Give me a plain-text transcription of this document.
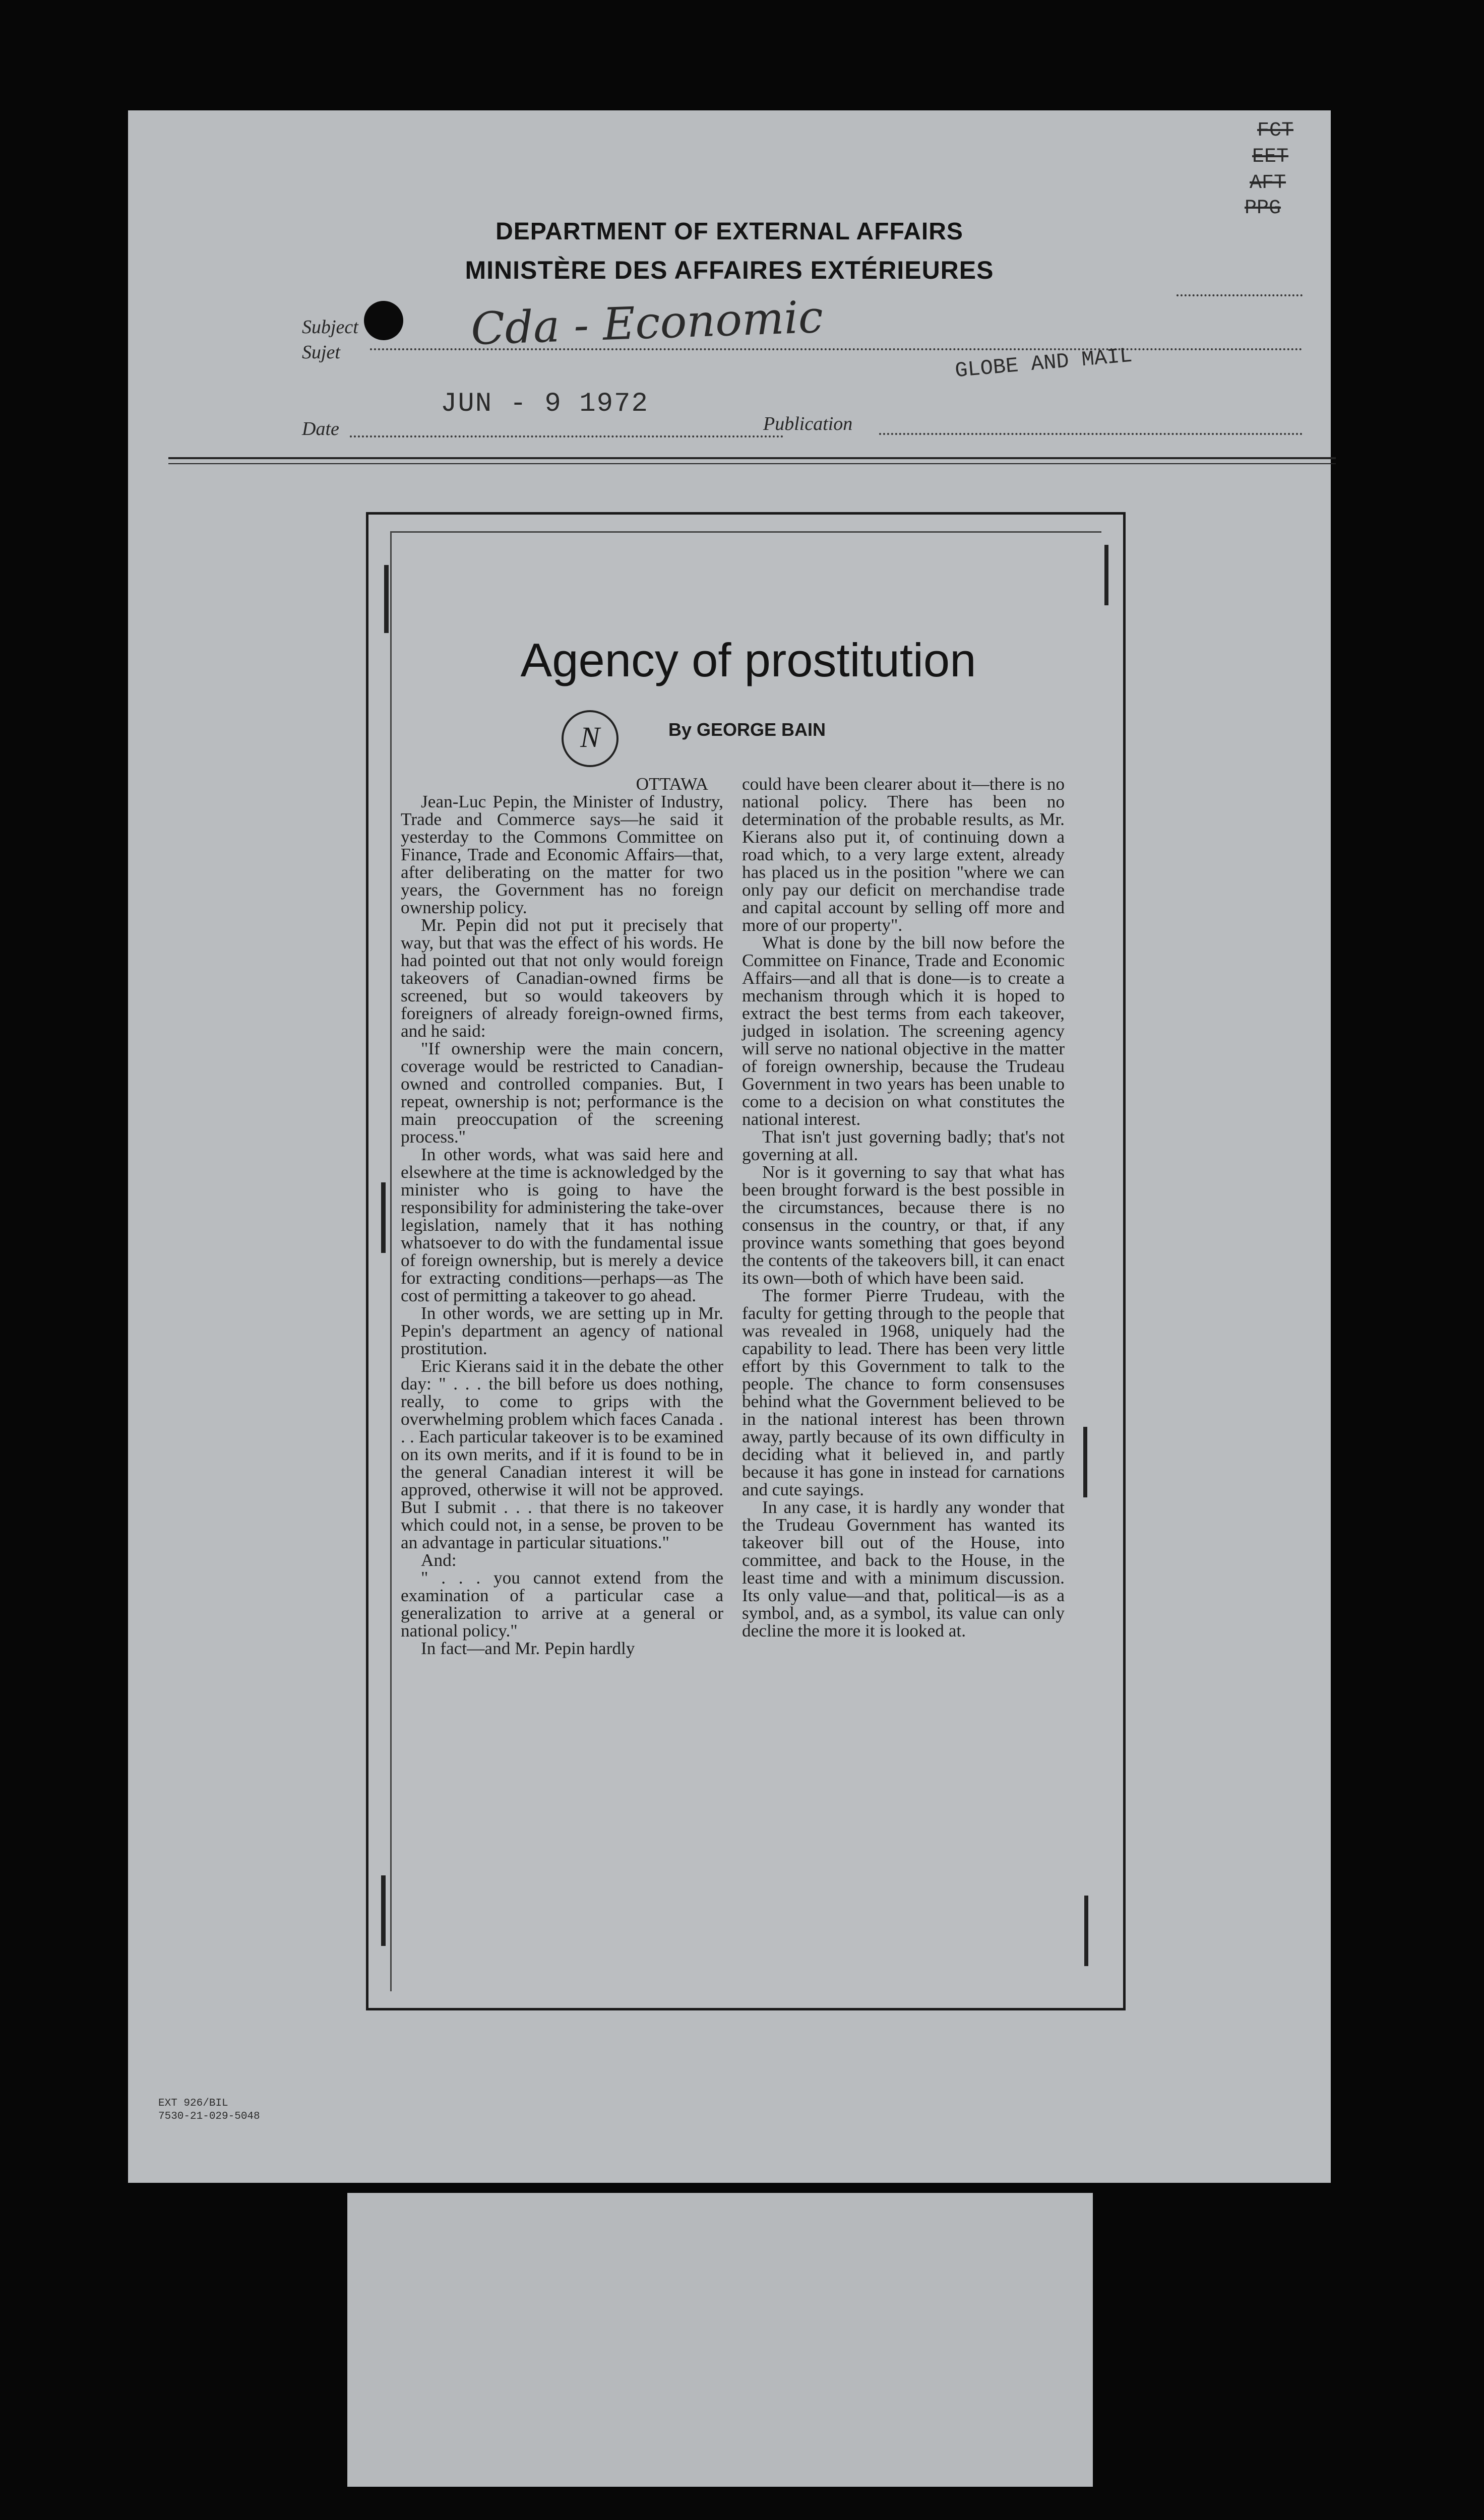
FCT
EET
AFT
PPG
DEPARTMENT OF EXTERNAL AFFAIRS
MINISTÈRE DES AFFAIRES EXTÉRIEURES
Subject
Sujet	Cda - Economic
Date
JUN - 9 1972
Publication
GLOBE AND MAIL
EXT 926/BIL
7530-21-029-5048
Agency of prostitution
N	By GEORGE BAIN

OTTAWA

Jean-Luc Pepin, the Minister of Industry, Trade and Commerce says—he said it yesterday to the Commons Committee on Finance, Trade and Economic Affairs—that, after deliberating on the matter for two years, the Government has no foreign ownership policy.

Mr. Pepin did not put it precisely that way, but that was the effect of his words. He had pointed out that not only would foreign takeovers of Canadian-owned firms be screened, but so would takeovers by foreigners of already foreign-owned firms, and he said:

"If ownership were the main concern, coverage would be restricted to Canadian-owned and controlled companies. But, I repeat, ownership is not; performance is the main preoccupation of the screening process."

In other words, what was said here and elsewhere at the time is acknowledged by the minister who is going to have the responsibility for administering the take-over legislation, namely that it has nothing whatsoever to do with the fundamental issue of foreign ownership, but is merely a device for extracting conditions—perhaps—as The cost of permitting a takeover to go ahead.

In other words, we are setting up in Mr. Pepin's department an agency of national prostitution.

Eric Kierans said it in the debate the other day: " . . . the bill before us does nothing, really, to come to grips with the overwhelming problem which faces Canada . . . Each particular takeover is to be examined on its own merits, and if it is found to be in the general Canadian interest it will be approved, otherwise it will not be approved. But I submit . . . that there is no takeover which could not, in a sense, be proven to be an advantage in particular situations."

And:

" . . . you cannot extend from the examination of a particular case a generalization to arrive at a general or national policy."

In fact—and Mr. Pepin hardly

could have been clearer about it—there is no national policy. There has been no determination of the probable results, as Mr. Kierans also put it, of continuing down a road which, to a very large extent, already has placed us in the position "where we can only pay our deficit on merchandise trade and capital account by selling off more and more of our property".

What is done by the bill now before the Committee on Finance, Trade and Economic Affairs—and all that is done—is to create a mechanism through which it is hoped to extract the best terms from each takeover, judged in isolation. The screening agency will serve no national objective in the matter of foreign ownership, because the Trudeau Government in two years has been unable to come to a decision on what constitutes the national interest.

That isn't just governing badly; that's not governing at all.

Nor is it governing to say that what has been brought forward is the best possible in the circumstances, because there is no consensus in the country, or that, if any province wants something that goes beyond the contents of the takeovers bill, it can enact its own—both of which have been said.

The former Pierre Trudeau, with the faculty for getting through to the people that was revealed in 1968, uniquely had the capability to lead. There has been very little effort by this Government to talk to the people. The chance to form consensuses behind what the Government believed to be in the national interest has been thrown away, partly because of its own difficulty in deciding what it believed in, and partly because it has gone in instead for carnations and cute sayings.

In any case, it is hardly any wonder that the Trudeau Government has wanted its takeover bill out of the House, into committee, and back to the House, in the least time and with a minimum discussion. Its only value—and that, political—is as a symbol, and, as a symbol, its value can only decline the more it is looked at.
